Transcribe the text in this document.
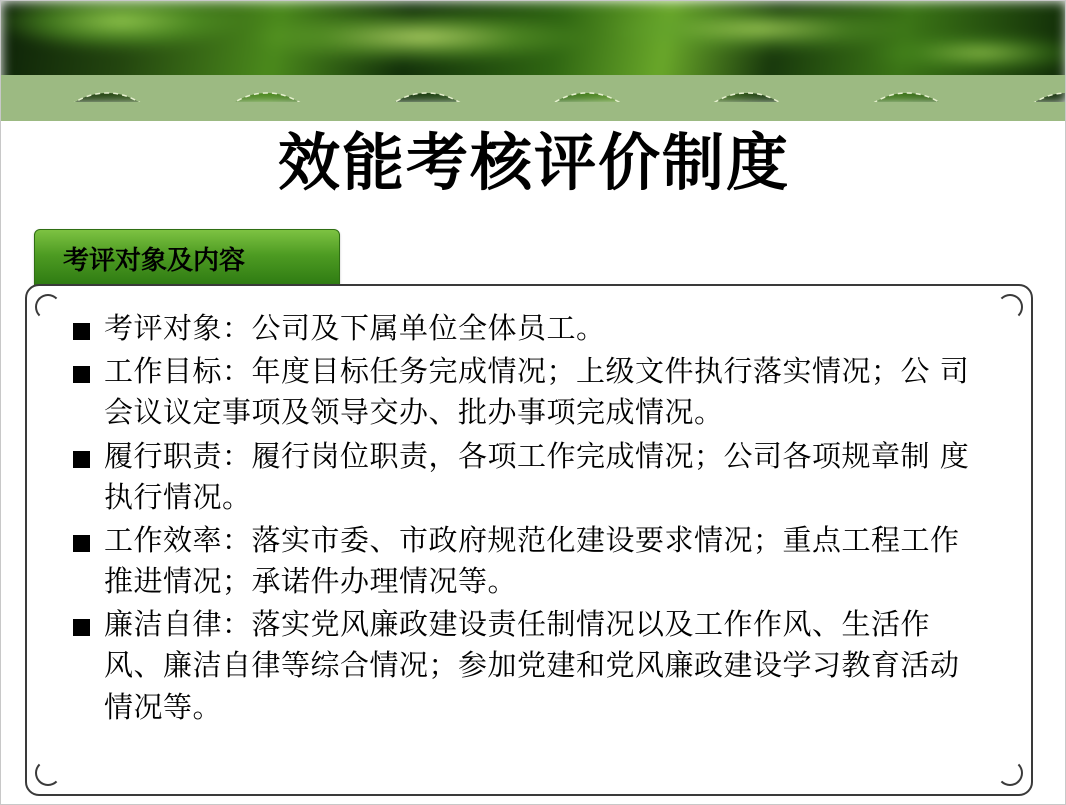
效能考核评价制度
考评对象及内容
考评对象：公司及下属单位全体员工。
工作目标：年度目标任务完成情况；上级文件执行落实情况；公 司会议议定事项及领导交办、批办事项完成情况。
履行职责：履行岗位职责，各项工作完成情况；公司各项规章制 度执行情况。
工作效率：落实市委、市政府规范化建设要求情况；重点工程工作推进情况；承诺件办理情况等。
廉洁自律：落实党风廉政建设责任制情况以及工作作风、生活作风、廉洁自律等综合情况；参加党建和党风廉政建设学习教育活动情况等。
